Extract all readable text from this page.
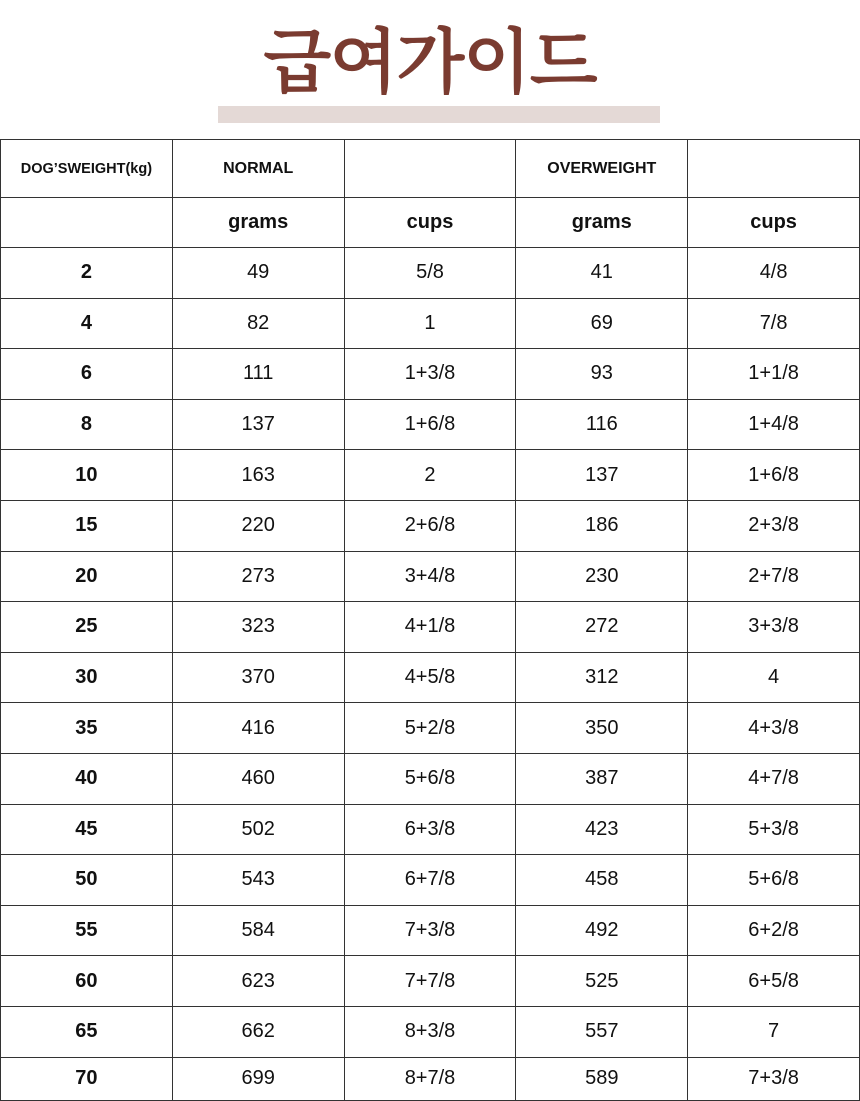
급여가이드
DOG’SWEIGHT(kg)	NORMAL		OVERWEIGHT	
	grams	cups	grams	cups
2	49	5/8	41	4/8
4	82	1	69	7/8
6	111	1+3/8	93	1+1/8
8	137	1+6/8	116	1+4/8
10	163	2	137	1+6/8
15	220	2+6/8	186	2+3/8
20	273	3+4/8	230	2+7/8
25	323	4+1/8	272	3+3/8
30	370	4+5/8	312	4
35	416	5+2/8	350	4+3/8
40	460	5+6/8	387	4+7/8
45	502	6+3/8	423	5+3/8
50	543	6+7/8	458	5+6/8
55	584	7+3/8	492	6+2/8
60	623	7+7/8	525	6+5/8
65	662	8+3/8	557	7
70	699	8+7/8	589	7+3/8
